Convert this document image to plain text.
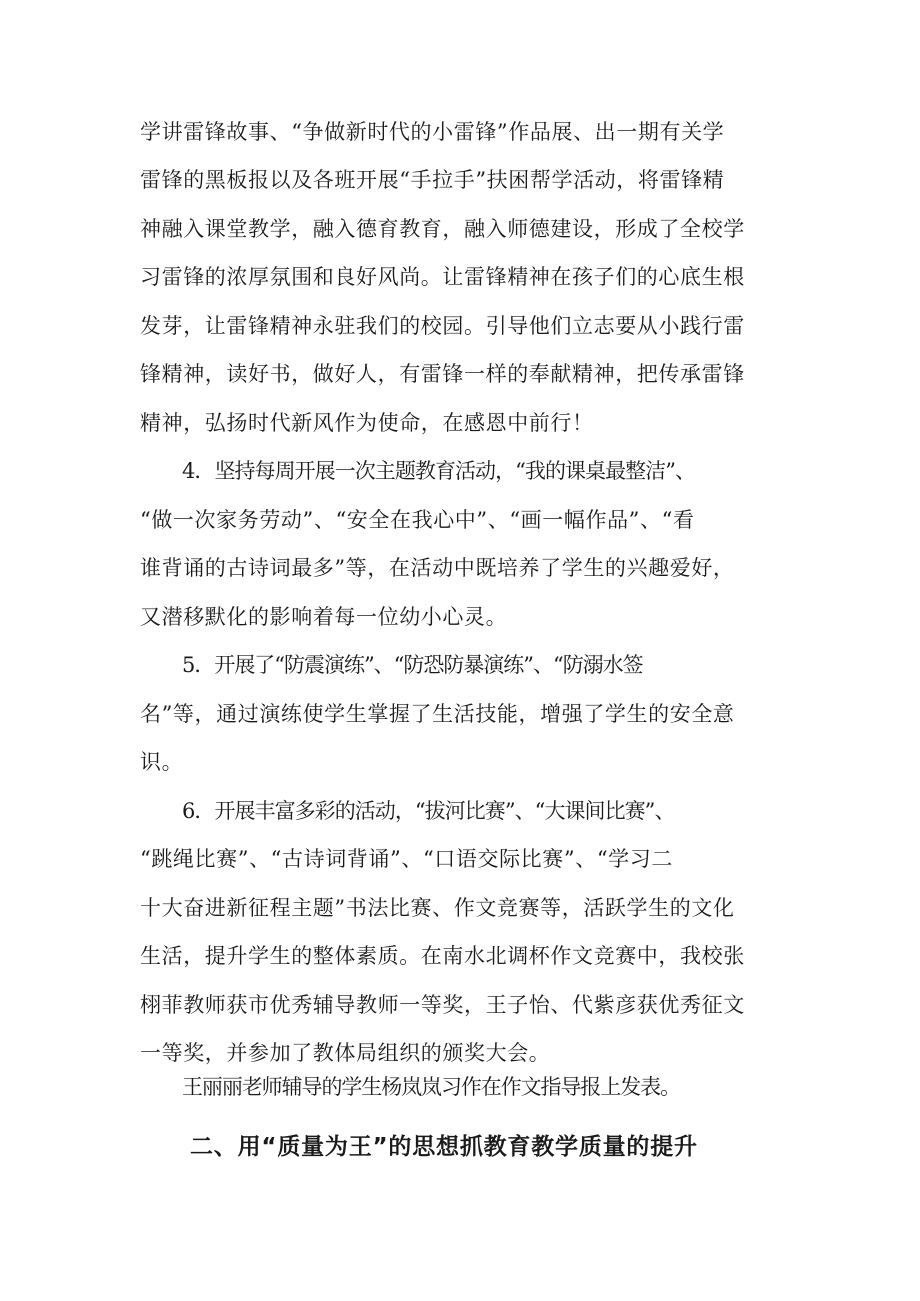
学讲雷锋故事、“争做新时代的小雷锋”作品展、出一期有关学
雷锋的黑板报以及各班开展“手拉手”扶困帮学活动，将雷锋精
神融入课堂教学，融入德育教育，融入师德建设，形成了全校学
习雷锋的浓厚氛围和良好风尚。让雷锋精神在孩子们的心底生根
发芽，让雷锋精神永驻我们的校园。引导他们立志要从小践行雷
锋精神，读好书，做好人，有雷锋一样的奉献精神，把传承雷锋
精神，弘扬时代新风作为使命，在感恩中前行！
4．坚持每周开展一次主题教育活动，“我的课桌最整洁”、
“做一次家务劳动”、“安全在我心中”、“画一幅作品”、“看
谁背诵的古诗词最多”等，在活动中既培养了学生的兴趣爱好，
又潜移默化的影响着每一位幼小心灵。
5．开展了“防震演练”、“防恐防暴演练”、“防溺水签
名”等，通过演练使学生掌握了生活技能，增强了学生的安全意
识。
6．开展丰富多彩的活动，“拔河比赛”、“大课间比赛”、
“跳绳比赛”、“古诗词背诵”、“口语交际比赛”、“学习二
十大奋进新征程主题”书法比赛、作文竞赛等，活跃学生的文化
生活，提升学生的整体素质。在南水北调杯作文竞赛中，我校张
栩菲教师获市优秀辅导教师一等奖，王子怡、代紫彦获优秀征文
一等奖，并参加了教体局组织的颁奖大会。
王丽丽老师辅导的学生杨岚岚习作在作文指导报上发表。
二、用“质量为王”的思想抓教育教学质量的提升
